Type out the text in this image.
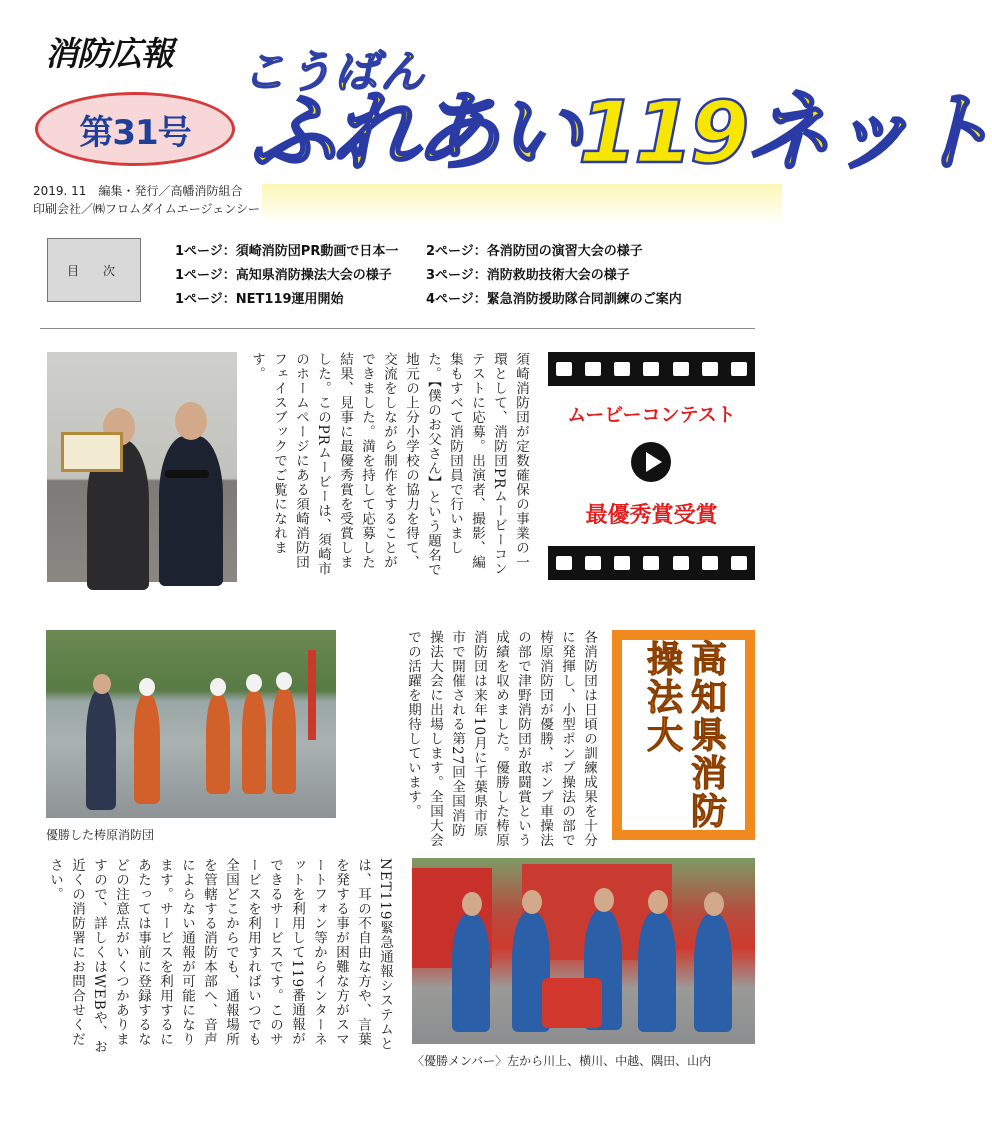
消防広報
第31号
こうばん
ふれあい119ネット
2019. 11　編集・発行／高幡消防組合
印刷会社／㈱フロムダイムエージェンシー
目　次
1ページ：須崎消防団PR動画で日本一
1ページ：高知県消防操法大会の様子
1ページ：NET119運用開始
2ページ：各消防団の演習大会の様子
3ページ：消防救助技術大会の様子
4ページ：緊急消防援助隊合同訓練のご案内
須崎消防団が定数確保の事業の一環として、消防団PRムービーコンテストに応募。出演者、撮影、編集もすべて消防団員で行いました。【僕のお父さん】という題名で地元の上分小学校の協力を得て、交流をしながら制作をすることができました。満を持して応募した結果、見事に最優秀賞を受賞しました。このPRムービーは、須崎市のホームページにある須崎消防団フェイスブックでご覧になれます。
ムービーコンテスト
最優秀賞受賞
優勝した梼原消防団	各消防団は日頃の訓練成果を十分に発揮し、小型ポンプ操法の部で梼原消防団が優勝、ポンプ車操法の部で津野消防団が敢闘賞という成績を収めました。優勝した梼原消防団は来年10月に千葉県市原市で開催される第27回全国消防操法大会に出場します。全国大会での活躍を期待しています。	高知県消防操法大
NET119緊急通報システムとは、耳の不自由な方や、言葉を発する事が困難な方がスマートフォン等からインターネットを利用して119番通報ができるサービスです。このサービスを利用すればいつでも全国どこからでも、通報場所を管轄する消防本部へ、音声によらない通報が可能になります。サービスを利用するにあたっては事前に登録するなどの注意点がいくつかありますので、詳しくはWEBや、お近くの消防署にお問合せください。
〈優勝メンバー〉左から川上、横川、中越、隅田、山内
